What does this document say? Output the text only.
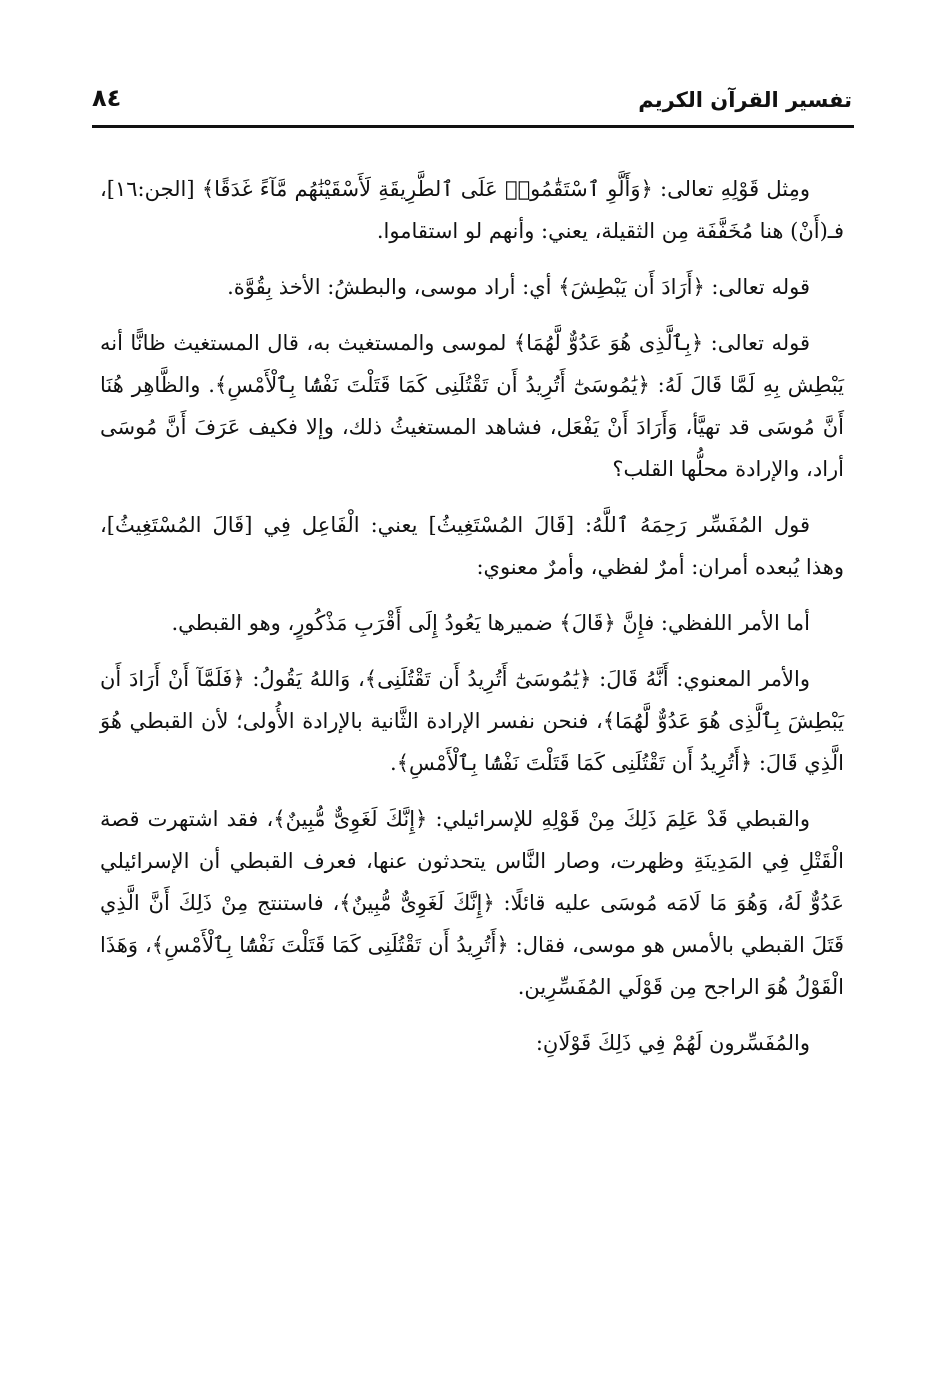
تفسير القرآن الكريم
٨٤

ومِثل قَوْلِهِ تعالى: ﴿وَأَلَّوِ ٱسْتَقَٰمُوا۟ عَلَى ٱلطَّرِيقَةِ لَأَسْقَيْنَٰهُم مَّآءً غَدَقًا﴾ [الجن:١٦]، فـ(أَنْ) هنا مُخَفَّفَة مِن الثقيلة، يعني: وأنهم لو استقاموا.

قوله تعالى: ﴿أَرَادَ أَن يَبْطِشَ﴾ أي: أراد موسى، والبطشُ: الأخذ بِقُوَّة.

قوله تعالى: ﴿بِٱلَّذِى هُوَ عَدُوٌّ لَّهُمَا﴾ لموسى والمستغيث به، قال المستغيث ظانًّا أنه يَبْطِش بِهِ لَمَّا قَالَ لَهُ: ﴿يَٰمُوسَىٰٓ أَتُرِيدُ أَن تَقْتُلَنِى كَمَا قَتَلْتَ نَفْسًۢا بِٱلْأَمْسِ﴾. والظَّاهِر هُنَا أَنَّ مُوسَى قد تهيَّأ، وَأَرَادَ أَنْ يَفْعَل، فشاهد المستغيثُ ذلك، وإلا فكيف عَرَفَ أَنَّ مُوسَى أراد، والإرادة محلُّها القلب؟

قول المُفَسِّر رَحِمَهُ ٱللَّهُ: [قَالَ المُسْتَغِيثُ] يعني: الْفَاعِل فِي [قَالَ المُسْتَغِيثُ]، وهذا يُبعده أمران: أمرٌ لفظي، وأمرٌ معنوي:

أما الأمر اللفظي: فإِنَّ ﴿قَالَ﴾ ضميرها يَعُودُ إِلَى أَقْرَبِ مَذْكُورٍ، وهو القبطي.

والأمر المعنوي: أَنَّهُ قَالَ: ﴿يَٰمُوسَىٰٓ أَتُرِيدُ أَن تَقْتُلَنِى﴾، وَاللهُ يَقُولُ: ﴿فَلَمَّآ أَنْ أَرَادَ أَن يَبْطِشَ بِٱلَّذِى هُوَ عَدُوٌّ لَّهُمَا﴾، فنحن نفسر الإرادة الثَّانية بالإرادة الأُولى؛ لأن القبطي هُوَ الَّذِي قَالَ: ﴿أَتُرِيدُ أَن تَقْتُلَنِى كَمَا قَتَلْتَ نَفْسًۢا بِٱلْأَمْسِ﴾.

والقبطي قَدْ عَلِمَ ذَلِكَ مِنْ قَوْلِهِ للإسرائيلي: ﴿إِنَّكَ لَغَوِىٌّ مُّبِينٌ﴾، فقد اشتهرت قصة الْقَتْلِ فِي المَدِينَةِ وظهرت، وصار النَّاس يتحدثون عنها، فعرف القبطي أن الإسرائيلي عَدُوٌّ لَهُ، وَهُوَ مَا لَامَه مُوسَى عليه قائلًا: ﴿إِنَّكَ لَغَوِىٌّ مُّبِينٌ﴾، فاستنتج مِنْ ذَلِكَ أَنَّ الَّذِي قَتَلَ القبطي بالأمس هو موسى، فقال: ﴿أَتُرِيدُ أَن تَقْتُلَنِى كَمَا قَتَلْتَ نَفْسًۢا بِٱلْأَمْسِ﴾، وَهَذَا الْقَوْلُ هُوَ الراجح مِن قَوْلَي المُفَسِّرِين.

والمُفَسِّرون لَهُمْ فِي ذَلِكَ قَوْلَانِ:
